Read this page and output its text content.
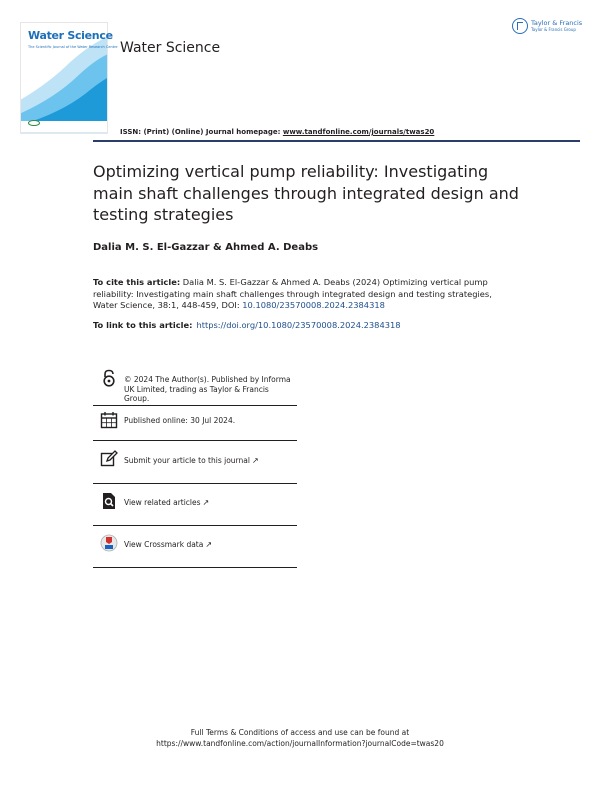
Water Science
The Scientific Journal of the Water Research Centre Water Science
Taylor & Francis
Taylor & Francis Group
ISSN: (Print) (Online) Journal homepage: www.tandfonline.com/journals/twas20
Optimizing vertical pump reliability: Investigating main shaft challenges through integrated design and testing strategies
Dalia M. S. El-Gazzar & Ahmed A. Deabs
To cite this article: Dalia M. S. El-Gazzar & Ahmed A. Deabs (2024) Optimizing vertical pump reliability: Investigating main shaft challenges through integrated design and testing strategies, Water Science, 38:1, 448-459, DOI: 10.1080/23570008.2024.2384318
To link to this article: https://doi.org/10.1080/23570008.2024.2384318
© 2024 The Author(s). Published by Informa UK Limited, trading as Taylor & Francis Group.
Published online: 30 Jul 2024.
Submit your article to this journal ↗
View related articles ↗
View Crossmark data ↗
Full Terms & Conditions of access and use can be found at
https://www.tandfonline.com/action/journalInformation?journalCode=twas20
